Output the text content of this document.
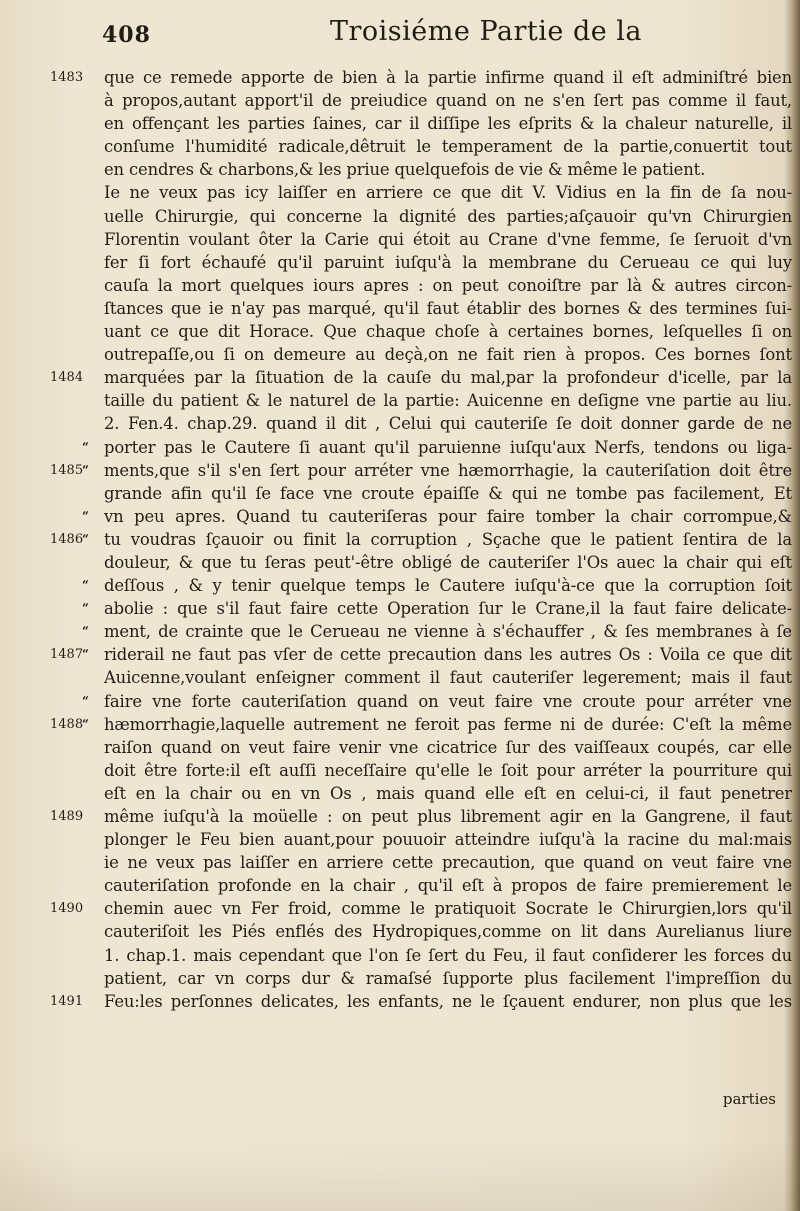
408	Troisiéme Partie de la
1483
1484
“
“
1485
“
“
1486
“
“
“
“
1487
“
“
1488
1489
1490
1491
que ce remede apporte de bien à la partie infirme quand il eſt adminiſtré bien
à propos,autant apport'il de preiudice quand on ne s'en ſert pas comme il faut,
en offençant les parties ſaines, car il diſſipe les eſprits & la chaleur naturelle, il
conſume l'humidité radicale,dêtruit le temperament de la partie,conuertit tout
en cendres & charbons,& les priue quelquefois de vie & même le patient.
Ie ne veux pas icy laiſſer en arriere ce que dit V. Vidius en la fin de ſa nou-
uelle Chirurgie, qui concerne la dignité des parties;aſçauoir qu'vn Chirurgien
Florentin voulant ôter la Carie qui étoit au Crane d'vne femme, ſe ſeruoit d'vn
fer ſi fort échaufé qu'il paruint iuſqu'à la membrane du Cerueau ce qui luy
cauſa la mort quelques iours apres : on peut conoiſtre par là & autres circon-
ſtances que ie n'ay pas marqué, qu'il faut établir des bornes & des termines ſui-
uant ce que dit Horace. Que chaque choſe à certaines bornes, leſquelles ſi on
outrepaſſe,ou ſi on demeure au deçà,on ne fait rien à propos. Ces bornes ſont
marquées par la ſituation de la cauſe du mal,par la profondeur d'icelle, par la
taille du patient & le naturel de la partie: Auicenne en deſigne vne partie au liu.
2. Fen.4. chap.29. quand il dit , Celui qui cauteriſe ſe doit donner garde de ne
porter pas le Cautere ſi auant qu'il paruienne iuſqu'aux Nerfs, tendons ou liga-
ments,que s'il s'en ſert pour arréter vne hæmorrhagie, la cauteriſation doit être
grande afin qu'il ſe face vne croute épaiſſe & qui ne tombe pas facilement, Et
vn peu apres. Quand tu cauteriſeras pour faire tomber la chair corrompue,&
tu voudras ſçauoir ou finit la corruption , Sçache que le patient ſentira de la
douleur, & que tu ſeras peut'-être obligé de cauteriſer l'Os auec la chair qui eſt
deſſous , & y tenir quelque temps le Cautere iuſqu'à-ce que la corruption ſoit
abolie : que s'il faut faire cette Operation ſur le Crane,il la faut faire delicate-
ment, de crainte que le Cerueau ne vienne à s'échauffer , & ſes membranes à ſe
riderail ne faut pas vſer de cette precaution dans les autres Os : Voila ce que dit
Auicenne,voulant enſeigner comment il faut cauteriſer legerement; mais il faut
faire vne forte cauteriſation quand on veut faire vne croute pour arréter vne
hæmorrhagie,laquelle autrement ne feroit pas ferme ni de durée: C'eſt la même
raiſon quand on veut faire venir vne cicatrice ſur des vaiſſeaux coupés, car elle
doit être forte:il eſt auſſi neceſſaire qu'elle le ſoit pour arréter la pourriture qui
eſt en la chair ou en vn Os , mais quand elle eſt en celui-ci, il faut penetrer
même iuſqu'à la moüelle : on peut plus librement agir en la Gangrene, il faut
plonger le Feu bien auant,pour pouuoir atteindre iuſqu'à la racine du mal:mais
ie ne veux pas laiſſer en arriere cette precaution, que quand on veut faire vne
cauteriſation profonde en la chair , qu'il eſt à propos de faire premierement le
chemin auec vn Fer froid, comme le pratiquoit Socrate le Chirurgien,lors qu'il
cauteriſoit les Piés enflés des Hydropiques,comme on lit dans Aurelianus liure
1. chap.1. mais cependant que l'on ſe ſert du Feu, il faut conſiderer les forces du
patient, car vn corps dur & ramaſsé ſupporte plus facilement l'impreſſion du
Feu:les perſonnes delicates, les enfants, ne le ſçauent endurer, non plus que les
parties
